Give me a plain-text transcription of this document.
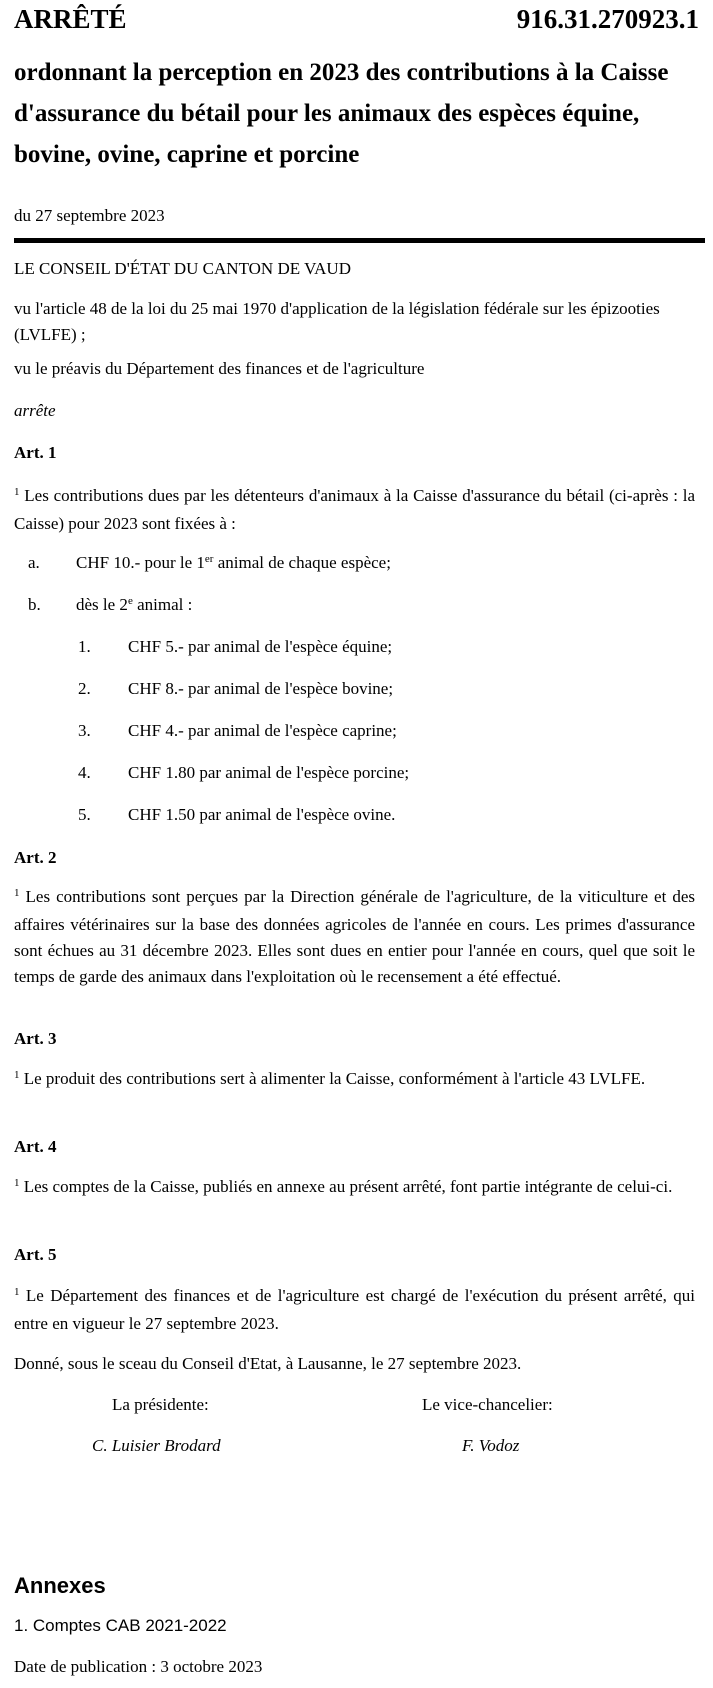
ARRÊTÉ	916.31.270923.1
ordonnant la perception en 2023 des contributions à la Caisse d'assurance du bétail pour les animaux des espèces équine, bovine, ovine, caprine et porcine
du 27 septembre 2023
LE CONSEIL D'ÉTAT DU CANTON DE VAUD
vu l'article 48 de la loi du 25 mai 1970 d'application de la législation fédérale sur les épizooties (LVLFE) ;
vu le préavis du Département des finances et de l'agriculture
arrête
Art. 1
$^1$ Les contributions dues par les détenteurs d'animaux à la Caisse d'assurance du bétail (ci-après : la Caisse) pour 2023 sont fixées à :
a. CHF 10.- pour le 1er animal de chaque espèce;
b. dès le 2e animal :
1. CHF 5.- par animal de l'espèce équine;
2. CHF 8.- par animal de l'espèce bovine;
3. CHF 4.- par animal de l'espèce caprine;
4. CHF 1.80 par animal de l'espèce porcine;
5. CHF 1.50 par animal de l'espèce ovine.
Art. 2
$^1$ Les contributions sont perçues par la Direction générale de l'agriculture, de la viticulture et des affaires vétérinaires sur la base des données agricoles de l'année en cours. Les primes d'assurance sont échues au 31 décembre 2023. Elles sont dues en entier pour l'année en cours, quel que soit le temps de garde des animaux dans l'exploitation où le recensement a été effectué.
Art. 3
$^1$ Le produit des contributions sert à alimenter la Caisse, conformément à l'article 43 LVLFE.
Art. 4
$^1$ Les comptes de la Caisse, publiés en annexe au présent arrêté, font partie intégrante de celui-ci.
Art. 5
$^1$ Le Département des finances et de l'agriculture est chargé de l'exécution du présent arrêté, qui entre en vigueur le 27 septembre 2023.
Donné, sous le sceau du Conseil d'Etat, à Lausanne, le 27 septembre 2023.
La présidente:	Le vice-chancelier:
C. Luisier Brodard	F. Vodoz
Annexes
1. Comptes CAB 2021-2022
Date de publication : 3 octobre 2023
